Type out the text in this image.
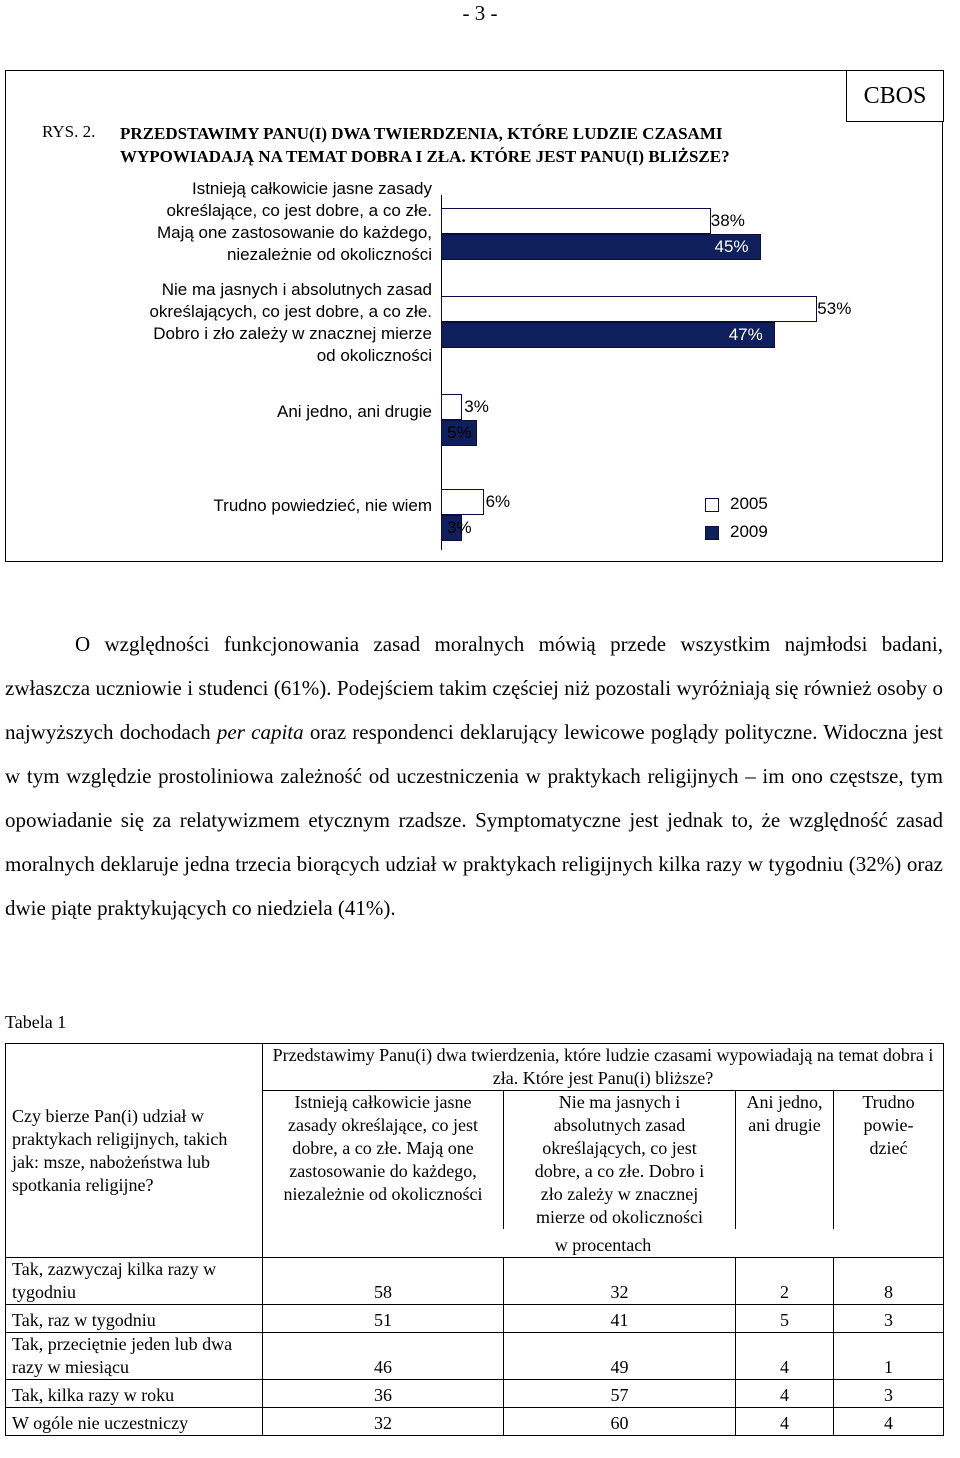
- 3 -
CBOS
RYS. 2. PRZEDSTAWIMY PANU(I) DWA TWIERDZENIA, KTÓRE LUDZIE CZASAMI WYPOWIADAJĄ NA TEMAT DOBRA I ZŁA. KTÓRE JEST PANU(I) BLIŻSZE?
Istnieją całkowicie jasne zasady
określające, co jest dobre, a co złe.
Mają one zastosowanie do każdego,
niezależnie od okoliczności
Nie ma jasnych i absolutnych zasad
określających, co jest dobre, a co złe.
Dobro i zło zależy w znacznej mierze
od okoliczności
Ani jedno, ani drugie
Trudno powiedzieć, nie wiem
38%
53%
3%
6%
45%
47%
5%
3%
2005
2009
O względności funkcjonowania zasad moralnych mówią przede wszystkim najmłodsi badani, zwłaszcza uczniowie i studenci (61%). Podejściem takim częściej niż pozostali wyróżniają się również osoby o najwyższych dochodach per capita oraz respondenci deklarujący lewicowe poglądy polityczne. Widoczna jest w tym względzie prostoliniowa zależność od uczestniczenia w praktykach religijnych – im ono częstsze, tym opowiadanie się za relatywizmem etycznym rzadsze. Symptomatyczne jest jednak to, że względność zasad moralnych deklaruje jedna trzecia biorących udział w praktykach religijnych kilka razy w tygodniu (32%) oraz dwie piąte praktykujących co niedziela (41%).
Tabela 1
Czy bierze Pan(i) udział w praktykach religijnych, takich jak: msze, nabożeństwa lub spotkania religijne?	Przedstawimy Panu(i) dwa twierdzenia, które ludzie czasami wypowiadają na temat dobra i zła. Które jest Panu(i) bliższe?			

	Istnieją całkowicie jasne zasady określające, co jest dobre, a co złe. Mają one zastosowanie do każdego, niezależnie od okoliczności	Nie ma jasnych i absolutnych zasad określających, co jest dobre, a co złe. Dobro i zło zależy w znacznej mierze od okoliczności	Ani jedno, ani drugie	Trudno powie-dzieć

	w procentach			
Tak, zazwyczaj kilka razy w tygodniu	58	32	2	8
Tak, raz w tygodniu	51	41	5	3
Tak, przeciętnie jeden lub dwa razy w miesiącu	46	49	4	1
Tak, kilka razy w roku	36	57	4	3
W ogóle nie uczestniczy	32	60	4	4
